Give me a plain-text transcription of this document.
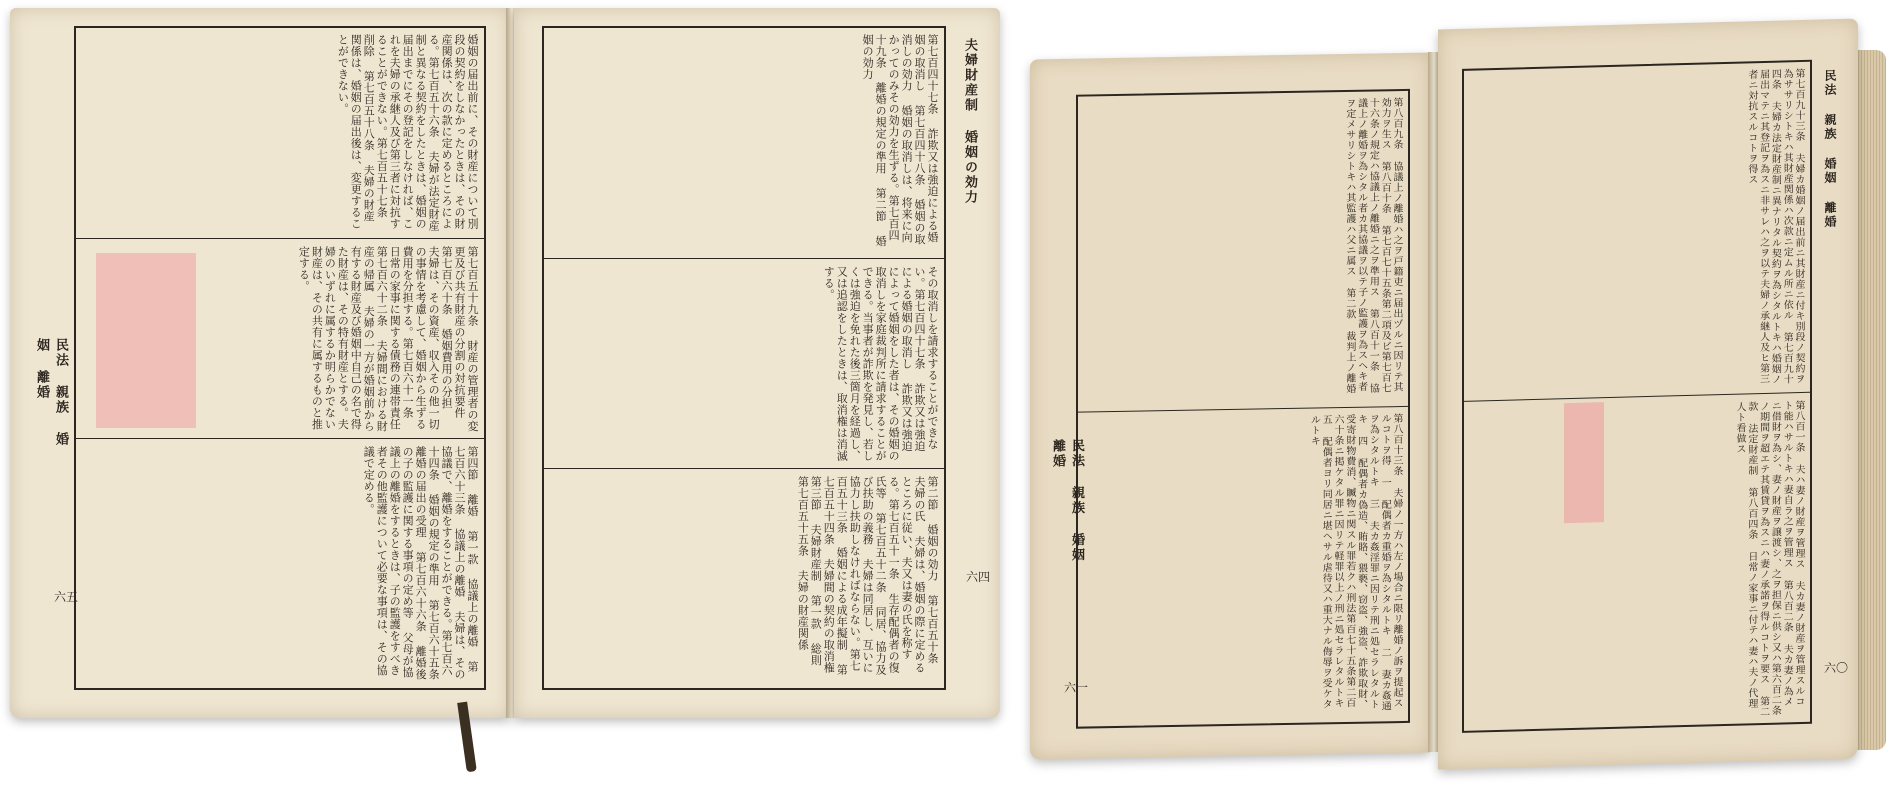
民法 親族 婚姻 離婚
婚姻の届出前に、その財産について別段の契約をしなかったときは、その財産関係は、次の款に定めるところによる。第七百五十六条 夫婦が法定財産制と異なる契約をしたときは、婚姻の届出までにその登記をしなければ、これを夫婦の承継人及び第三者に対抗することができない。第七百五十七条 削除 第七百五十八条 夫婦の財産関係は、婚姻の届出後は、変更することができない。
第七百五十九条 財産の管理者の変更及び共有財産の分割の対抗要件 第七百六十条 婚姻費用の分担 夫婦は、その資産、収入その他一切の事情を考慮して、婚姻から生ずる費用を分担する。第七百六十一条 日常の家事に関する債務の連帯責任 第七百六十二条 夫婦間における財産の帰属 夫婦の一方が婚姻前から有する財産及び婚姻中自己の名で得た財産は、その特有財産とする。夫婦のいずれに属するか明らかでない財産は、その共有に属するものと推定する。
第四節 離婚 第一款 協議上の離婚 第七百六十三条 協議上の離婚 夫婦は、その協議で、離婚をすることができる。第七百六十四条 婚姻の規定の準用 第七百六十五条 離婚の届出の受理 第七百六十六条 離婚後の子の監護に関する事項の定め等 父母が協議上の離婚をするときは、子の監護をすべき者その他監護について必要な事項は、その協議で定める。
六五
第七百四十七条 詐欺又は強迫による婚姻の取消し 第七百四十八条 婚姻の取消しの効力 婚姻の取消しは、将来に向かってのみその効力を生ずる。第七百四十九条 離婚の規定の準用 第二節 婚姻の効力
その取消しを請求することができない。第七百四十七条 詐欺又は強迫による婚姻の取消し 詐欺又は強迫によって婚姻をした者は、その婚姻の取消しを家庭裁判所に請求することができる。当事者が詐欺を発見し、若しくは強迫を免れた後三箇月を経過し、又は追認をしたときは、取消権は消滅する。
第二節 婚姻の効力 第七百五十条 夫婦の氏 夫婦は、婚姻の際に定めるところに従い、夫又は妻の氏を称する。第七百五十一条 生存配偶者の復氏等 第七百五十二条 同居、協力及び扶助の義務 夫婦は同居し、互いに協力し扶助しなければならない。第七百五十三条 婚姻による成年擬制 第七百五十四条 夫婦間の契約の取消権 第三節 夫婦財産制 第一款 総則 第七百五十五条 夫婦の財産関係
夫婦財産制 婚姻の効力
六四
民法 親族 婚姻 離婚
第八百九条 協議上ノ離婚ハ之ヲ戸籍吏ニ届出ヅルニ因リテ其効力ヲ生ス 第八百十条 第七百七十五条第二項及ビ第七百七十六条ノ規定ハ協議上ノ離婚ニ之ヲ準用ス 第八百十一条 協議上ノ離婚ヲ為シタル者カ其協議ヲ以テ子ノ監護ヲ為スヘキ者ヲ定メサリシトキハ其監護ハ父ニ属ス 第二款 裁判上ノ離婚
第八百十三条 夫婦ノ一方ハ左ノ場合ニ限リ離婚ノ訴ヲ提起スルコトヲ得 一 配偶者カ重婚ヲ為シタルトキ 二 妻カ姦通ヲ為シタルトキ 三 夫カ姦淫罪ニ因リテ刑ニ処セラレタルトキ 四 配偶者カ偽造、賄賂、猥褻、窃盗、強盗、詐欺取財、受寄財物費消、贓物ニ関スル罪若クハ刑法第百七十五条第二百六十条ニ掲ケタル罪ニ因リテ軽罪以上ノ刑ニ処セラレタルトキ 五 配偶者ヨリ同居ニ堪ヘサル虐待又ハ重大ナル侮辱ヲ受ケタルトキ
六一
第七百九十三条 夫婦カ婚姻ノ届出前ニ其財産ニ付キ別段ノ契約ヲ為ササリシトキハ其財産関係ハ次款ニ定ムル所ニ依ル 第七百九十四条 夫婦カ法定財産制ニ異ナリタル契約ヲ為シタルトキハ婚姻ノ届出マテニ其登記ヲ為スニ非サレハ之ヲ以テ夫婦ノ承継人及ヒ第三者ニ対抗スルコトヲ得ス
第八百一条 夫ハ妻ノ財産ヲ管理ス 夫カ妻ノ財産ヲ管理スルコト能ハサルトキハ妻自ラ之ヲ管理ス 第八百二条 夫カ妻ノ為メニ借財ヲ為シ、妻ノ財産ヲ譲渡シ、之ヲ担保ニ供シ又ハ第六百二条ノ期間ヲ超エテ其賃貸ヲ為スニハ妻ノ承諾ヲ得ルコトヲ要ス 第二款 法定財産制 第八百四条 日常ノ家事ニ付テハ妻ハ夫ノ代理人ト看做ス
民法 親族 婚姻 離婚
六〇
